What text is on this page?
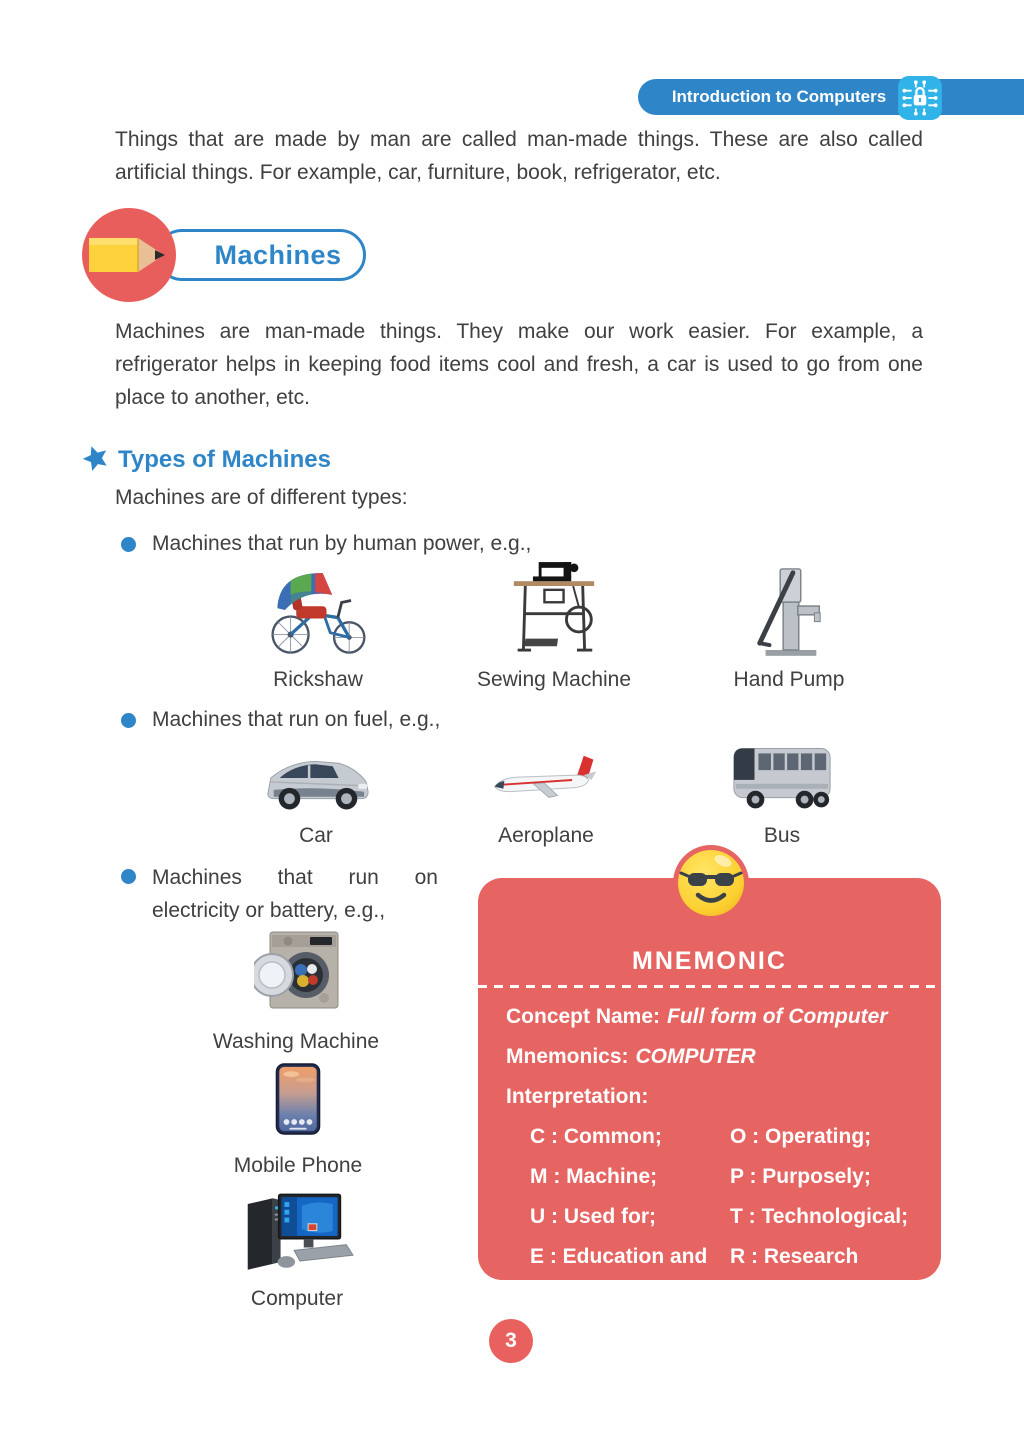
Introduction to Computers

Things that are made by man are called man-made things. These are also called artificial things. For example, car, furniture, book, refrigerator, etc.

Machines

Machines are man-made things. They make our work easier. For example, a refrigerator helps in keeping food items cool and fresh, a car is used to go from one place to another, etc.

Types of Machines
Machines are of different types:
Machines that run by human power, e.g.,
Rickshaw	Sewing Machine	Hand Pump
Machines that run on fuel, e.g.,
Car	Aeroplane	Bus
Machines that run on electricity or battery, e.g.,
Washing Machine
Mobile Phone
Computer
MNEMONIC
Concept Name: Full form of Computer
Mnemonics: COMPUTER
Interpretation:
C : Common;	O : Operating;
M : Machine;	P : Purposely;
U : Used for;	T : Technological;
E : Education and	R : Research
3
